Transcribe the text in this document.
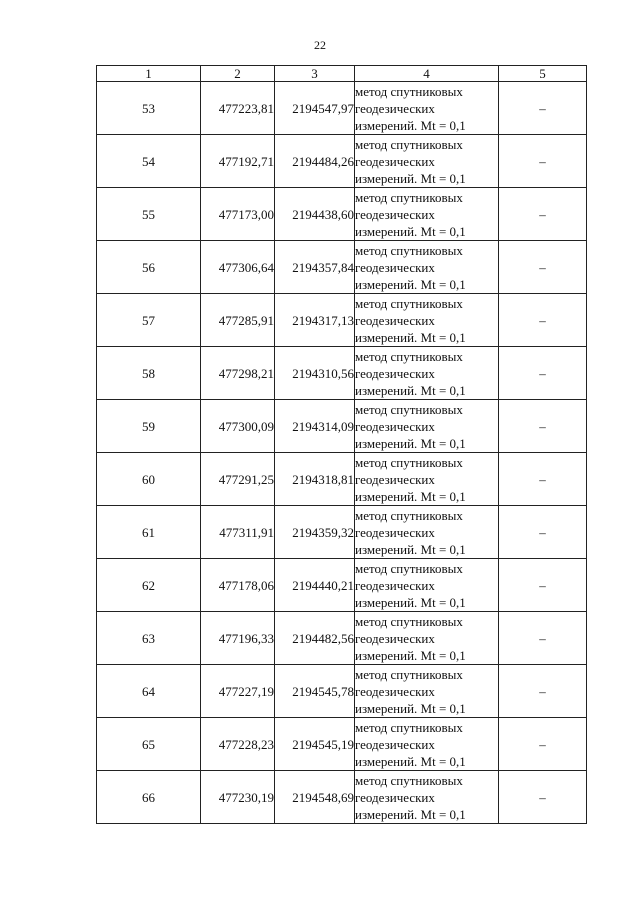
22
1	2	3	4	5
53	477223,81	2194547,97	метод спутниковых геодезических измерений. Mt = 0,1	–
54	477192,71	2194484,26	метод спутниковых геодезических измерений. Mt = 0,1	–
55	477173,00	2194438,60	метод спутниковых геодезических измерений. Mt = 0,1	–
56	477306,64	2194357,84	метод спутниковых геодезических измерений. Mt = 0,1	–
57	477285,91	2194317,13	метод спутниковых геодезических измерений. Mt = 0,1	–
58	477298,21	2194310,56	метод спутниковых геодезических измерений. Mt = 0,1	–
59	477300,09	2194314,09	метод спутниковых геодезических измерений. Mt = 0,1	–
60	477291,25	2194318,81	метод спутниковых геодезических измерений. Mt = 0,1	–
61	477311,91	2194359,32	метод спутниковых геодезических измерений. Mt = 0,1	–
62	477178,06	2194440,21	метод спутниковых геодезических измерений. Mt = 0,1	–
63	477196,33	2194482,56	метод спутниковых геодезических измерений. Mt = 0,1	–
64	477227,19	2194545,78	метод спутниковых геодезических измерений. Mt = 0,1	–
65	477228,23	2194545,19	метод спутниковых геодезических измерений. Mt = 0,1	–
66	477230,19	2194548,69	метод спутниковых геодезических измерений. Mt = 0,1	–
